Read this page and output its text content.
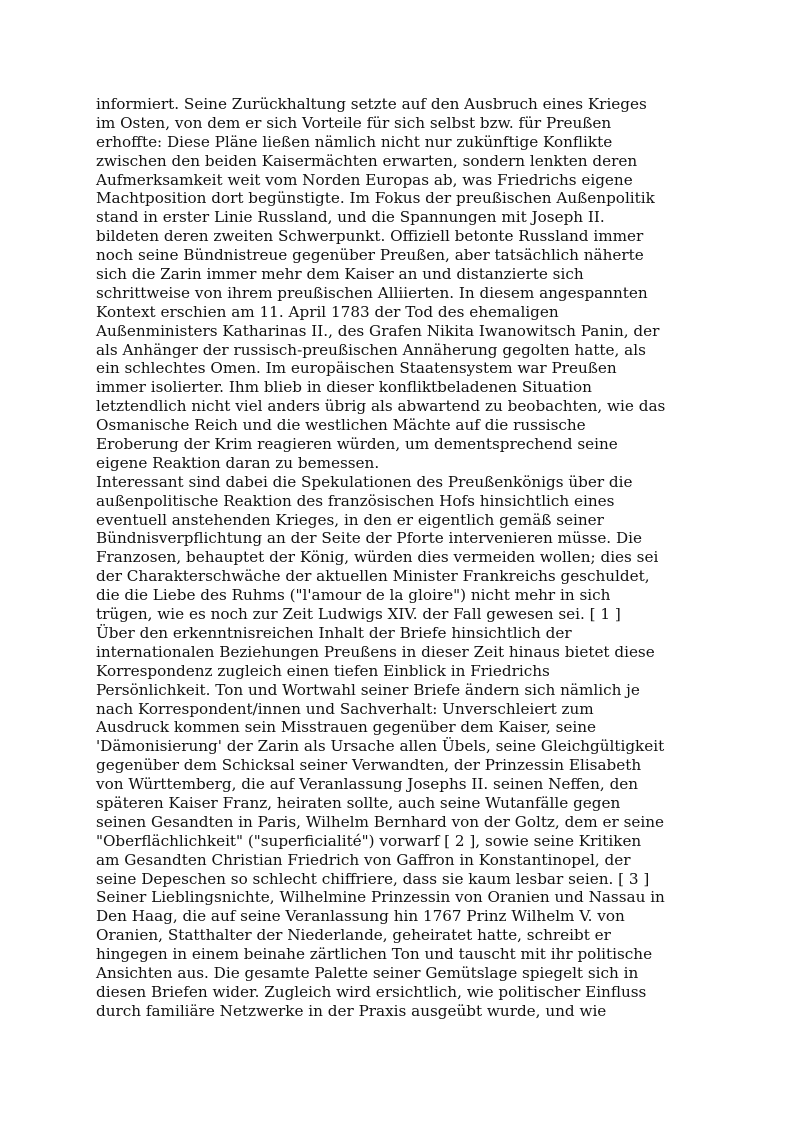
informiert. Seine Zurückhaltung setzte auf den Ausbruch eines Krieges
im Osten, von dem er sich Vorteile für sich selbst bzw. für Preußen
erhoffte: Diese Pläne ließen nämlich nicht nur zukünftige Konflikte
zwischen den beiden Kaisermächten erwarten, sondern lenkten deren
Aufmerksamkeit weit vom Norden Europas ab, was Friedrichs eigene
Machtposition dort begünstigte. Im Fokus der preußischen Außenpolitik
stand in erster Linie Russland, und die Spannungen mit Joseph II.
bildeten deren zweiten Schwerpunkt. Offiziell betonte Russland immer
noch seine Bündnistreue gegenüber Preußen, aber tatsächlich näherte
sich die Zarin immer mehr dem Kaiser an und distanzierte sich
schrittweise von ihrem preußischen Alliierten. In diesem angespannten
Kontext erschien am 11. April 1783 der Tod des ehemaligen
Außenministers Katharinas II., des Grafen Nikita Iwanowitsch Panin, der
als Anhänger der russisch-preußischen Annäherung gegolten hatte, als
ein schlechtes Omen. Im europäischen Staatensystem war Preußen
immer isolierter. Ihm blieb in dieser konfliktbeladenen Situation
letztendlich nicht viel anders übrig als abwartend zu beobachten, wie das
Osmanische Reich und die westlichen Mächte auf die russische
Eroberung der Krim reagieren würden, um dementsprechend seine
eigene Reaktion daran zu bemessen.
Interessant sind dabei die Spekulationen des Preußenkönigs über die
außenpolitische Reaktion des französischen Hofs hinsichtlich eines
eventuell anstehenden Krieges, in den er eigentlich gemäß seiner
Bündnisverpflichtung an der Seite der Pforte intervenieren müsse. Die
Franzosen, behauptet der König, würden dies vermeiden wollen; dies sei
der Charakterschwäche der aktuellen Minister Frankreichs geschuldet,
die die Liebe des Ruhms ("l'amour de la gloire") nicht mehr in sich
trügen, wie es noch zur Zeit Ludwigs XIV. der Fall gewesen sei. [ 1 ]
Über den erkenntnisreichen Inhalt der Briefe hinsichtlich der
internationalen Beziehungen Preußens in dieser Zeit hinaus bietet diese
Korrespondenz zugleich einen tiefen Einblick in Friedrichs
Persönlichkeit. Ton und Wortwahl seiner Briefe ändern sich nämlich je
nach Korrespondent/innen und Sachverhalt: Unverschleiert zum
Ausdruck kommen sein Misstrauen gegenüber dem Kaiser, seine
'Dämonisierung' der Zarin als Ursache allen Übels, seine Gleichgültigkeit
gegenüber dem Schicksal seiner Verwandten, der Prinzessin Elisabeth
von Württemberg, die auf Veranlassung Josephs II. seinen Neffen, den
späteren Kaiser Franz, heiraten sollte, auch seine Wutanfälle gegen
seinen Gesandten in Paris, Wilhelm Bernhard von der Goltz, dem er seine
"Oberflächlichkeit" ("superficialité") vorwarf [ 2 ], sowie seine Kritiken
am Gesandten Christian Friedrich von Gaffron in Konstantinopel, der
seine Depeschen so schlecht chiffriere, dass sie kaum lesbar seien. [ 3 ]
Seiner Lieblingsnichte, Wilhelmine Prinzessin von Oranien und Nassau in
Den Haag, die auf seine Veranlassung hin 1767 Prinz Wilhelm V. von
Oranien, Statthalter der Niederlande, geheiratet hatte, schreibt er
hingegen in einem beinahe zärtlichen Ton und tauscht mit ihr politische
Ansichten aus. Die gesamte Palette seiner Gemütslage spiegelt sich in
diesen Briefen wider. Zugleich wird ersichtlich, wie politischer Einfluss
durch familiäre Netzwerke in der Praxis ausgeübt wurde, und wie
